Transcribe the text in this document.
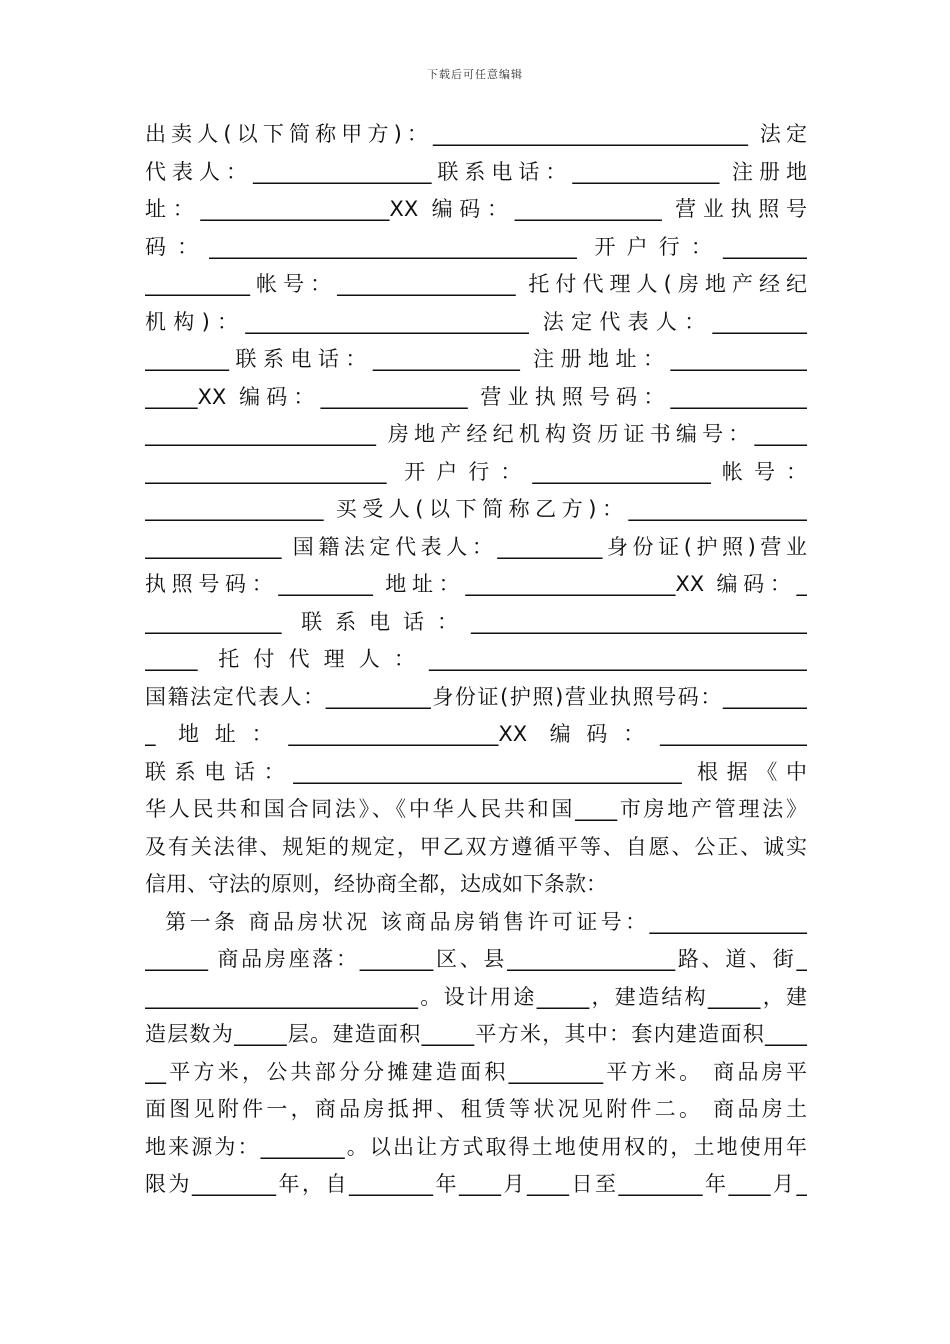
下载后可任意编辑
出卖人(以下简称甲方)：______________________________ 法定
代表人：_________________联系电话：______________ 注册地
址：__________________XX 编码：______________ 营业执照号
码：___________________________________ 开户行：________
__________帐号：_________________ 托付代理人(房地产经纪
机构)：___________________________ 法定代表人：_________
________联系电话：______________ 注册地址：_____________
_____XX 编码：______________ 营业执照号码：_____________
______________________ 房地产经纪机构资历证书编号：_____
_______________________ 开户行：_________________帐号：
_________________ 买受人(以下简称乙方)：_________________
_____________ 国籍法定代表人：__________身份证(护照)营业
执照号码：_________ 地址：____________________XX 编码：_
_____________ 联系电话：________________________________
_____ 托付代理人：____________________________________
国籍法定代表人：__________身份证(护照)营业执照号码：________
_ 地址：____________________XX 编码：______________
联系电话：_____________________________________ 根据《中
华人民共和国合同法》、《中华人民共和国____市房地产管理法》
及有关法律、规矩的规定，甲乙双方遵循平等、自愿、公正、诚实
信用、守法的原则，经协商全都，达成如下条款：
第一条 商品房状况 该商品房销售许可证号：_______________
______ 商品房座落：_______区、县________________路、道、街_
__________________________。设计用途_____，建造结构_____，建
造层数为_____层。建造面积_____平方米，其中：套内建造面积____
__平方米，公共部分分摊建造面积_________平方米。 商品房平
面图见附件一，商品房抵押、租赁等状况见附件二。 商品房土
地来源为：________。以出让方式取得土地使用权的，土地使用年
限为________年，自________年____月____日至________年____月_
